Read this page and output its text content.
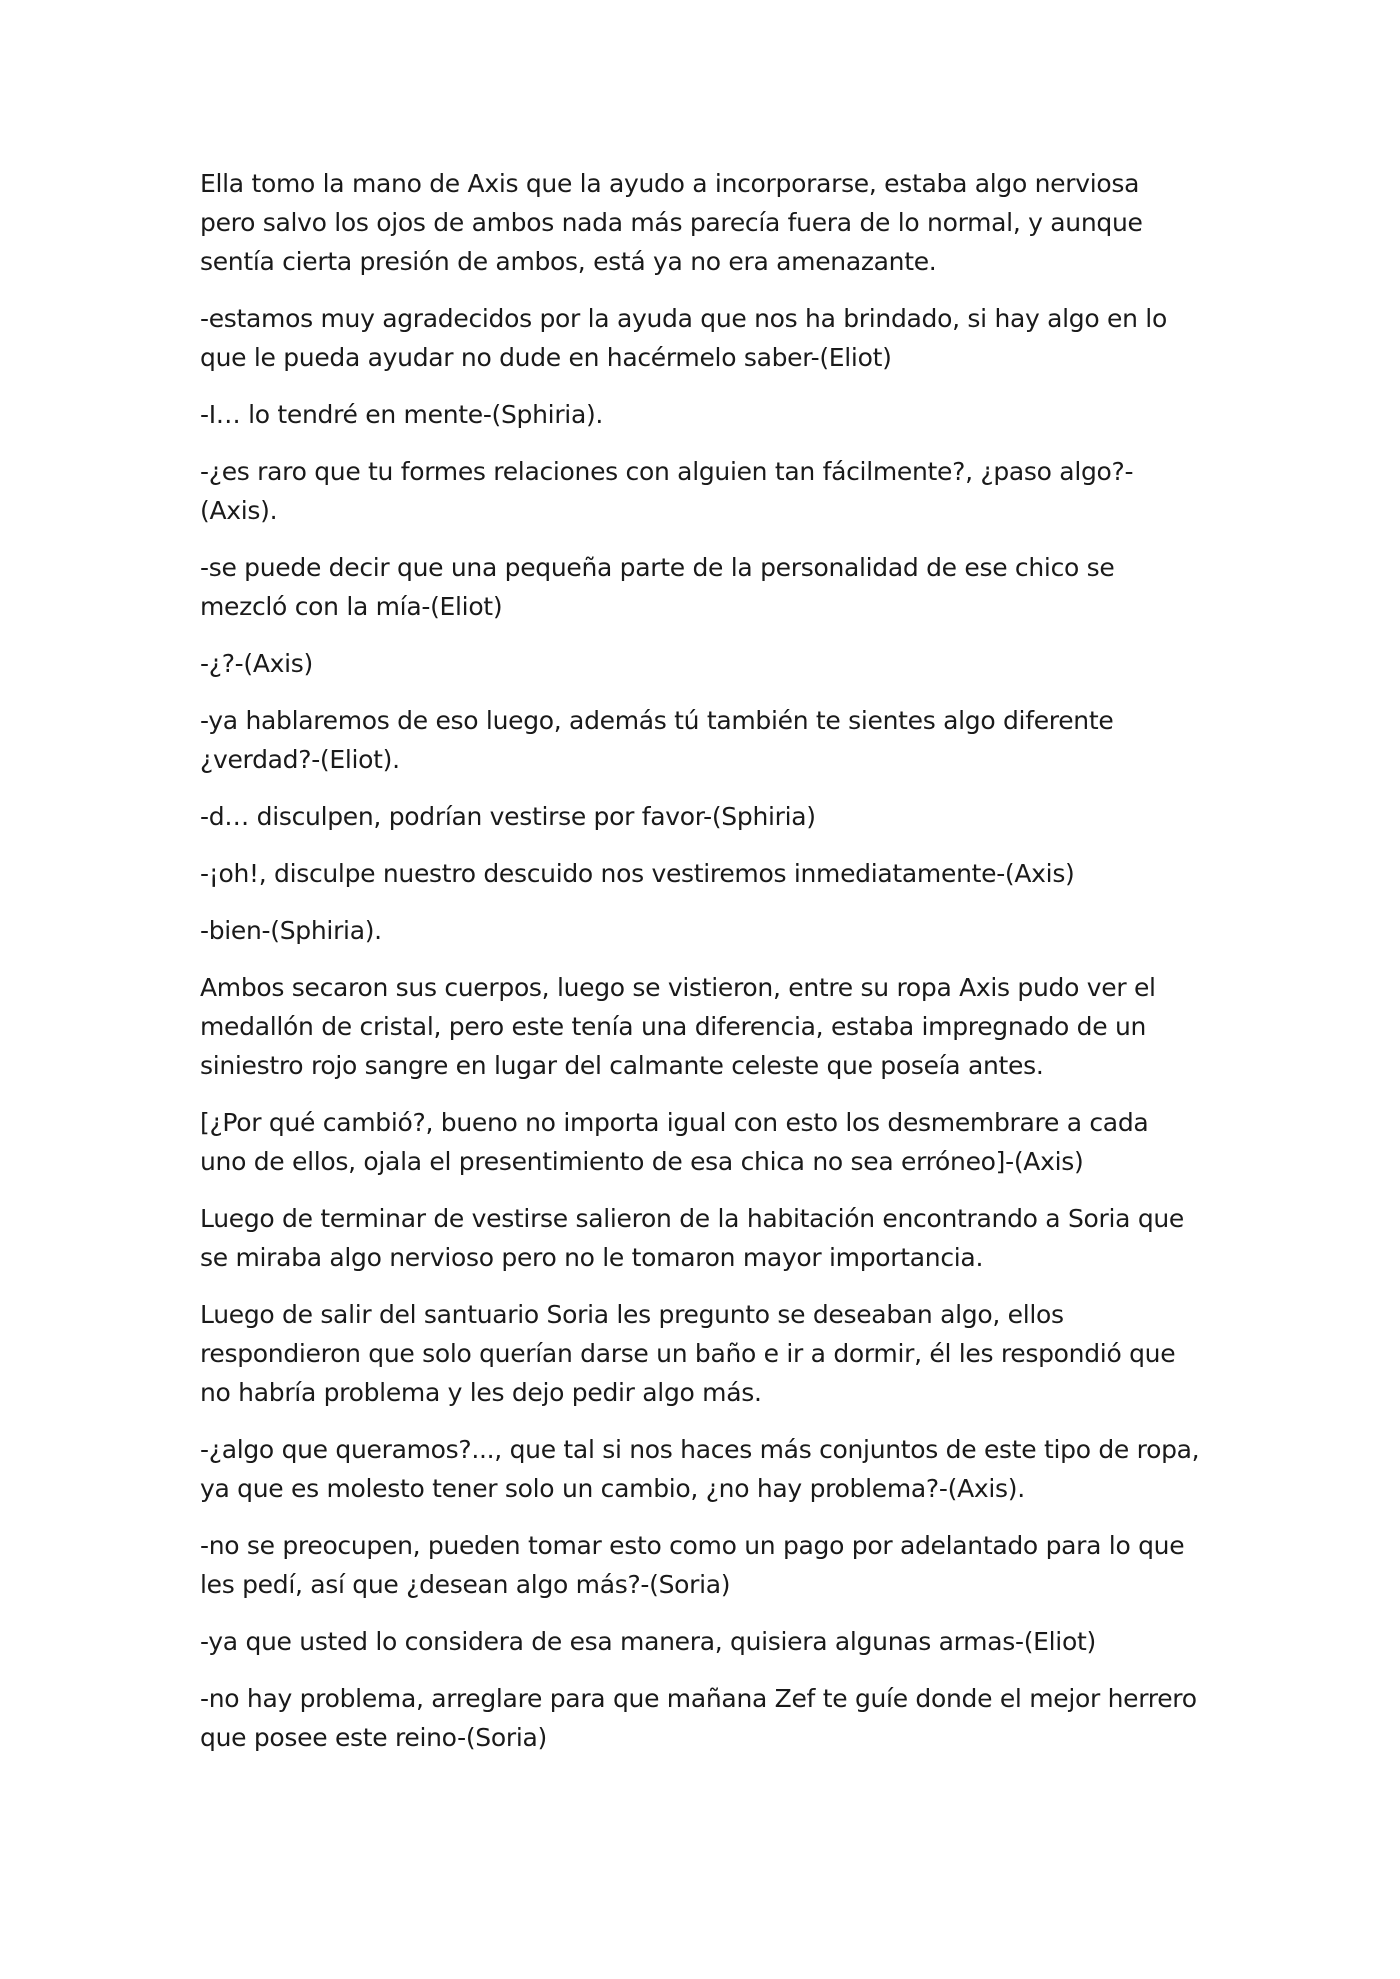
Ella tomo la mano de Axis que la ayudo a incorporarse, estaba algo nerviosa pero salvo los ojos de ambos nada más parecía fuera de lo normal, y aunque sentía cierta presión de ambos, está ya no era amenazante.

-estamos muy agradecidos por la ayuda que nos ha brindado, si hay algo en lo que le pueda ayudar no dude en hacérmelo saber-(Eliot)

-I… lo tendré en mente-(Sphiria).

-¿es raro que tu formes relaciones con alguien tan fácilmente?, ¿paso algo?-(Axis).

-se puede decir que una pequeña parte de la personalidad de ese chico se mezcló con la mía-(Eliot)

-¿?-(Axis)

-ya hablaremos de eso luego, además tú también te sientes algo diferente ¿verdad?-(Eliot).

-d… disculpen, podrían vestirse por favor-(Sphiria)

-¡oh!, disculpe nuestro descuido nos vestiremos inmediatamente-(Axis)

-bien-(Sphiria).

Ambos secaron sus cuerpos, luego se vistieron, entre su ropa Axis pudo ver el medallón de cristal, pero este tenía una diferencia, estaba impregnado de un siniestro rojo sangre en lugar del calmante celeste que poseía antes.

[¿Por qué cambió?, bueno no importa igual con esto los desmembrare a cada uno de ellos, ojala el presentimiento de esa chica no sea erróneo]-(Axis)

Luego de terminar de vestirse salieron de la habitación encontrando a Soria que se miraba algo nervioso pero no le tomaron mayor importancia.

Luego de salir del santuario Soria les pregunto se deseaban algo, ellos respondieron que solo querían darse un baño e ir a dormir, él les respondió que no habría problema y les dejo pedir algo más.

-¿algo que queramos?..., que tal si nos haces más conjuntos de este tipo de ropa, ya que es molesto tener solo un cambio, ¿no hay problema?-(Axis).

-no se preocupen, pueden tomar esto como un pago por adelantado para lo que les pedí, así que ¿desean algo más?-(Soria)

-ya que usted lo considera de esa manera, quisiera algunas armas-(Eliot)

-no hay problema, arreglare para que mañana Zef te guíe donde el mejor herrero que posee este reino-(Soria)
